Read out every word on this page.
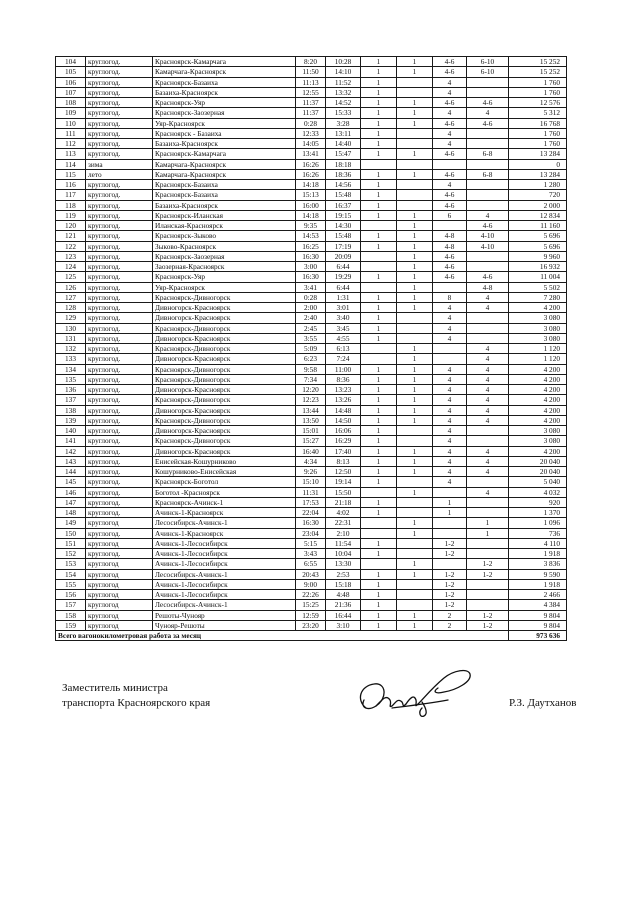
104	круглогод.	Красноярск-Камарчага	8:20	10:28	1	1	4-6	6-10	15 252
105	круглогод.	Камарчага-Красноярск	11:50	14:10	1	1	4-6	6-10	15 252
106	круглогод.	Красноярск-Базаиха	11:13	11:52	1		4		1 760
107	круглогод.	Базаиха-Красноярск	12:55	13:32	1		4		1 760
108	круглогод.	Красноярск-Уяр	11:37	14:52	1	1	4-6	4-6	12 576
109	круглогод.	Красноярск-Заозерная	11:37	15:33	1	1	4	4	5 312
110	круглогод.	Уяр-Красноярск	0:28	3:28	1	1	4-6	4-6	16 768
111	круглогод.	Красноярск - Базаиха	12:33	13:11	1		4		1 760
112	круглогод.	Базаиха-Красноярск	14:05	14:40	1		4		1 760
113	круглогод.	Красноярск-Камарчага	13:41	15:47	1	1	4-6	6-8	13 284
114	зима	Камарчага-Красноярск	16:26	18:18					0
115	лето	Камарчага-Красноярск	16:26	18:36	1	1	4-6	6-8	13 284
116	круглогод.	Красноярск-Базаиха	14:18	14:56	1		4		1 280
117	круглогод.	Красноярск-Базаиха	15:13	15:48	1		4-6		720
118	круглогод.	Базаиха-Красноярск	16:00	16:37	1		4-6		2 000
119	круглогод.	Красноярск-Иланская	14:18	19:15	1	1	6	4	12 834
120	круглогод.	Иланская-Красноярск	9:35	14:30		1		4-6	11 160
121	круглогод.	Красноярск-Зыково	14:53	15:48	1	1	4-8	4-10	5 696
122	круглогод.	Зыково-Красноярск	16:25	17:19	1	1	4-8	4-10	5 696
123	круглогод.	Красноярск-Заозерная	16:30	20:09		1	4-6		9 960
124	круглогод.	Заозерная-Красноярск	3:00	6:44		1	4-6		16 932
125	круглогод.	Красноярск-Уяр	16:30	19:29	1	1	4-6	4-6	11 004
126	круглогод.	Уяр-Красноярск	3:41	6:44		1		4-8	5 502
127	круглогод.	Красноярск-Дивногорск	0:28	1:31	1	1	8	4	7 280
128	круглогод.	Дивногорск-Красноярск	2:00	3:01	1	1	4	4	4 200
129	круглогод.	Дивногорск-Красноярск	2:40	3:40	1		4		3 080
130	круглогод.	Красноярск-Дивногорск	2:45	3:45	1		4		3 080
131	круглогод.	Дивногорск-Красноярск	3:55	4:55	1		4		3 080
132	круглогод.	Красноярск-Дивногорск	5:09	6:13		1		4	1 120
133	круглогод.	Дивногорск-Красноярск	6:23	7:24		1		4	1 120
134	круглогод.	Красноярск-Дивногорск	9:58	11:00	1	1	4	4	4 200
135	круглогод.	Красноярск-Дивногорск	7:34	8:36	1	1	4	4	4 200
136	круглогод.	Дивногорск-Красноярск	12:20	13:23	1	1	4	4	4 200
137	круглогод.	Красноярск-Дивногорск	12:23	13:26	1	1	4	4	4 200
138	круглогод.	Дивногорск-Красноярск	13:44	14:48	1	1	4	4	4 200
139	круглогод.	Красноярск-Дивногорск	13:50	14:50	1	1	4	4	4 200
140	круглогод.	Дивногорск-Красноярск	15:01	16:06	1		4		3 080
141	круглогод.	Красноярск-Дивногорск	15:27	16:29	1		4		3 080
142	круглогод.	Дивногорск-Красноярск	16:40	17:40	1	1	4	4	4 200
143	круглогод.	Енисейская-Кошурниково	4:34	8:13	1	1	4	4	20 040
144	круглогод.	Кошурниково-Енисейская	9:26	12:50	1	1	4	4	20 040
145	круглогод.	Красноярск-Боготол	15:10	19:14	1		4		5 040
146	круглогод.	Боготол -Красноярск	11:31	15:50		1		4	4 032
147	круглогод.	Красноярск-Ачинск-1	17:53	21:18	1		1		920
148	круглогод.	Ачинск-1-Красноярск	22:04	4:02	1		1		1 370
149	круглогод	Лесосибирск-Ачинск-1	16:30	22:31		1		1	1 096
150	круглогод.	Ачинск-1-Красноярск	23:04	2:10		1		1	736
151	круглогод	Ачинск-1-Лесосибирск	5:15	11:54	1		1-2		4 110
152	круглогод.	Ачинск-1-Лесосибирск	3:43	10:04	1		1-2		1 918
153	круглогод	Ачинск-1-Лесосибирск	6:55	13:30		1		1-2	3 836
154	круглогод	Лесосибирск-Ачинск-1	20:43	2:53	1	1	1-2	1-2	9 590
155	круглогод	Ачинск-1-Лесосибирск	9:00	15:18	1		1-2		1 918
156	круглогод	Ачинск-1-Лесосибирск	22:26	4:48	1		1-2		2 466
157	круглогод	Лесосибирск-Ачинск-1	15:25	21:36	1		1-2		4 384
158	круглогод	Решоты-Чунояр	12:59	16:44	1	1	2	1-2	9 804
159	круглогод	Чунояр-Решоты	23:20	3:10	1	1	2	1-2	9 804
Всего вагонокилометровая работа за месяц									973 636
Заместитель министра
транспорта Красноярского края	Р.З. Даутханов
